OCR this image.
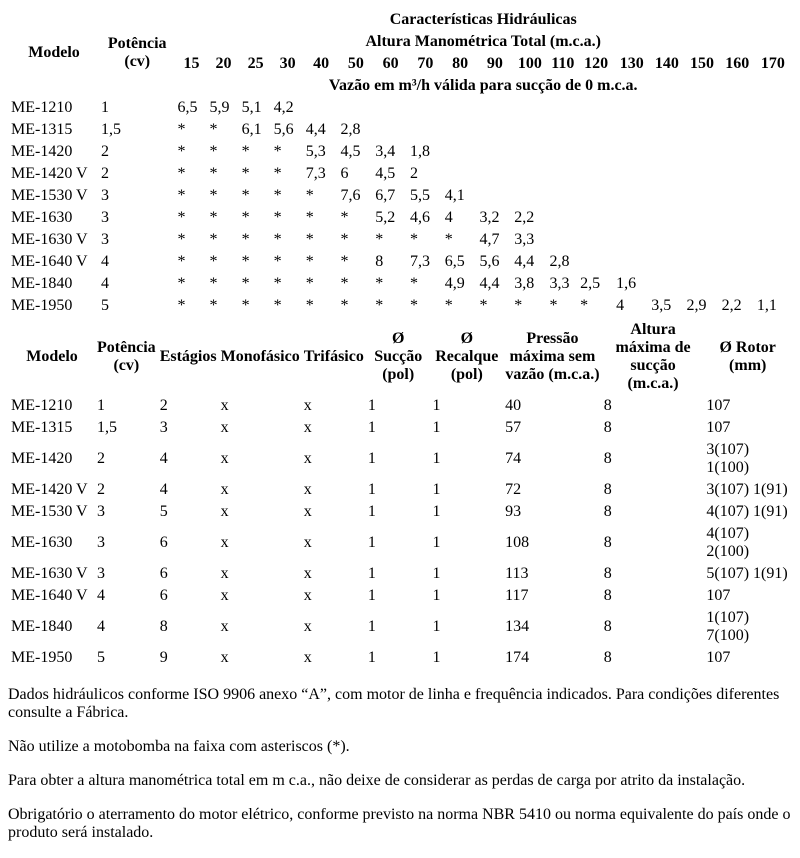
Modelo	Potência (cv)	Características Hidráulicas																	
		Altura Manométrica Total (m.c.a.)																	
		15	20	25	30	40	50	60	70	80	90	100	110	120	130	140	150	160	170
		Vazão em m³/h válida para sucção de 0 m.c.a.																	
ME-1210	1	6,5	5,9	5,1	4,2														
ME-1315	1,5	*	*	6,1	5,6	4,4	2,8												
ME-1420	2	*	*	*	*	5,3	4,5	3,4	1,8										
ME-1420 V	2	*	*	*	*	7,3	6	4,5	2										
ME-1530 V	3	*	*	*	*	*	7,6	6,7	5,5	4,1									
ME-1630	3	*	*	*	*	*	*	5,2	4,6	4	3,2	2,2							
ME-1630 V	3	*	*	*	*	*	*	*	*	*	4,7	3,3							
ME-1640 V	4	*	*	*	*	*	*	8	7,3	6,5	5,6	4,4	2,8						
ME-1840	4	*	*	*	*	*	*	*	*	4,9	4,4	3,8	3,3	2,5	1,6				
ME-1950	5	*	*	*	*	*	*	*	*	*	*	*	*	*	4	3,5	2,9	2,2	1,1
Modelo	Potência (cv)	Estágios	Monofásico	Trifásico	Ø Sucção (pol)	Ø Recalque (pol)	Pressão máxima sem vazão (m.c.a.)	Altura máxima de sucção (m.c.a.)	Ø Rotor (mm)
ME-1210	1	2	x	x	1	1	40	8	107
ME-1315	1,5	3	x	x	1	1	57	8	107
ME-1420	2	4	x	x	1	1	74	8	3(107) 1(100)
ME-1420 V	2	4	x	x	1	1	72	8	3(107) 1(91)
ME-1530 V	3	5	x	x	1	1	93	8	4(107) 1(91)
ME-1630	3	6	x	x	1	1	108	8	4(107) 2(100)
ME-1630 V	3	6	x	x	1	1	113	8	5(107) 1(91)
ME-1640 V	4	6	x	x	1	1	117	8	107
ME-1840	4	8	x	x	1	1	134	8	1(107) 7(100)
ME-1950	5	9	x	x	1	1	174	8	107

Dados hidráulicos conforme ISO 9906 anexo “A”, com motor de linha e frequência indicados. Para condições diferentes consulte a Fábrica.

Não utilize a motobomba na faixa com asteriscos (*).

Para obter a altura manométrica total em m c.a., não deixe de considerar as perdas de carga por atrito da instalação.

Obrigatório o aterramento do motor elétrico, conforme previsto na norma NBR 5410 ou norma equivalente do país onde o produto será instalado.
